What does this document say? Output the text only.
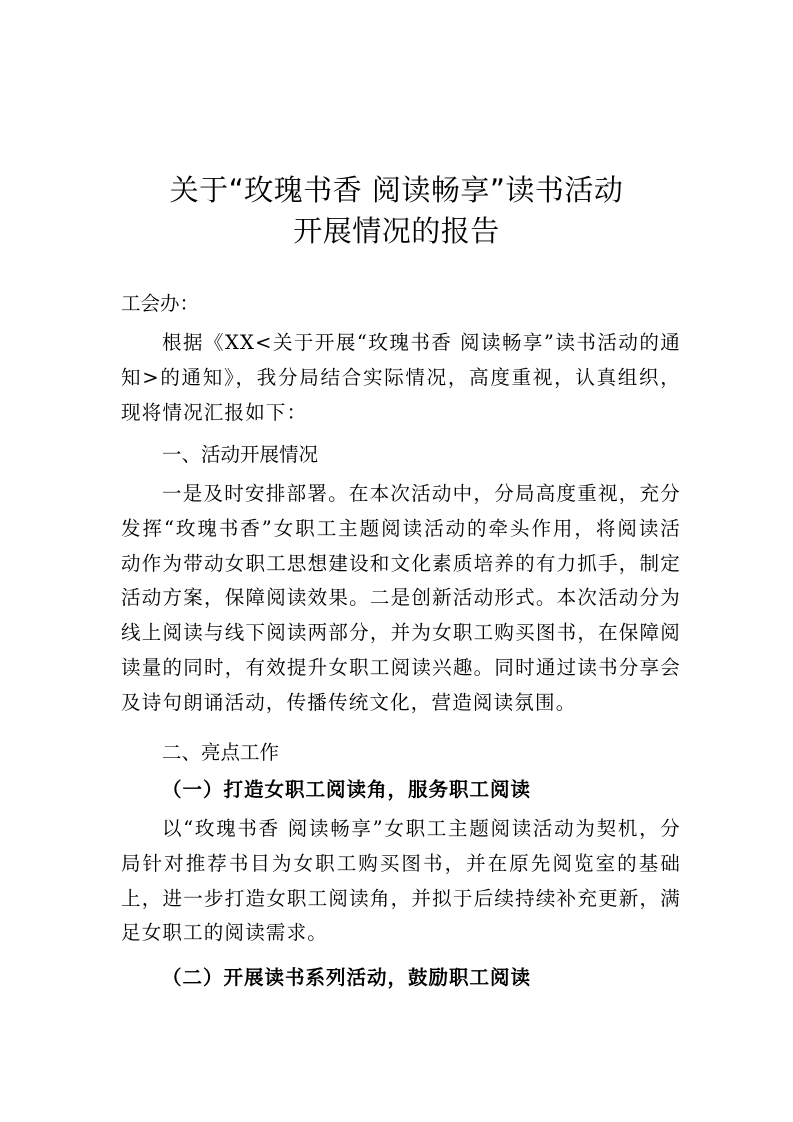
关于“玫瑰书香 阅读畅享”读书活动
开展情况的报告

工会办：

根据《XX<关于开展“玫瑰书香 阅读畅享”读书活动的通知>的通知》，我分局结合实际情况，高度重视，认真组织，现将情况汇报如下：

一、活动开展情况

一是及时安排部署。在本次活动中，分局高度重视，充分发挥“玫瑰书香”女职工主题阅读活动的牵头作用，将阅读活动作为带动女职工思想建设和文化素质培养的有力抓手，制定活动方案，保障阅读效果。二是创新活动形式。本次活动分为线上阅读与线下阅读两部分，并为女职工购买图书，在保障阅读量的同时，有效提升女职工阅读兴趣。同时通过读书分享会及诗句朗诵活动，传播传统文化，营造阅读氛围。

二、亮点工作
（一）打造女职工阅读角，服务职工阅读

以“玫瑰书香 阅读畅享”女职工主题阅读活动为契机，分局针对推荐书目为女职工购买图书，并在原先阅览室的基础上，进一步打造女职工阅读角，并拟于后续持续补充更新，满足女职工的阅读需求。

（二）开展读书系列活动，鼓励职工阅读
